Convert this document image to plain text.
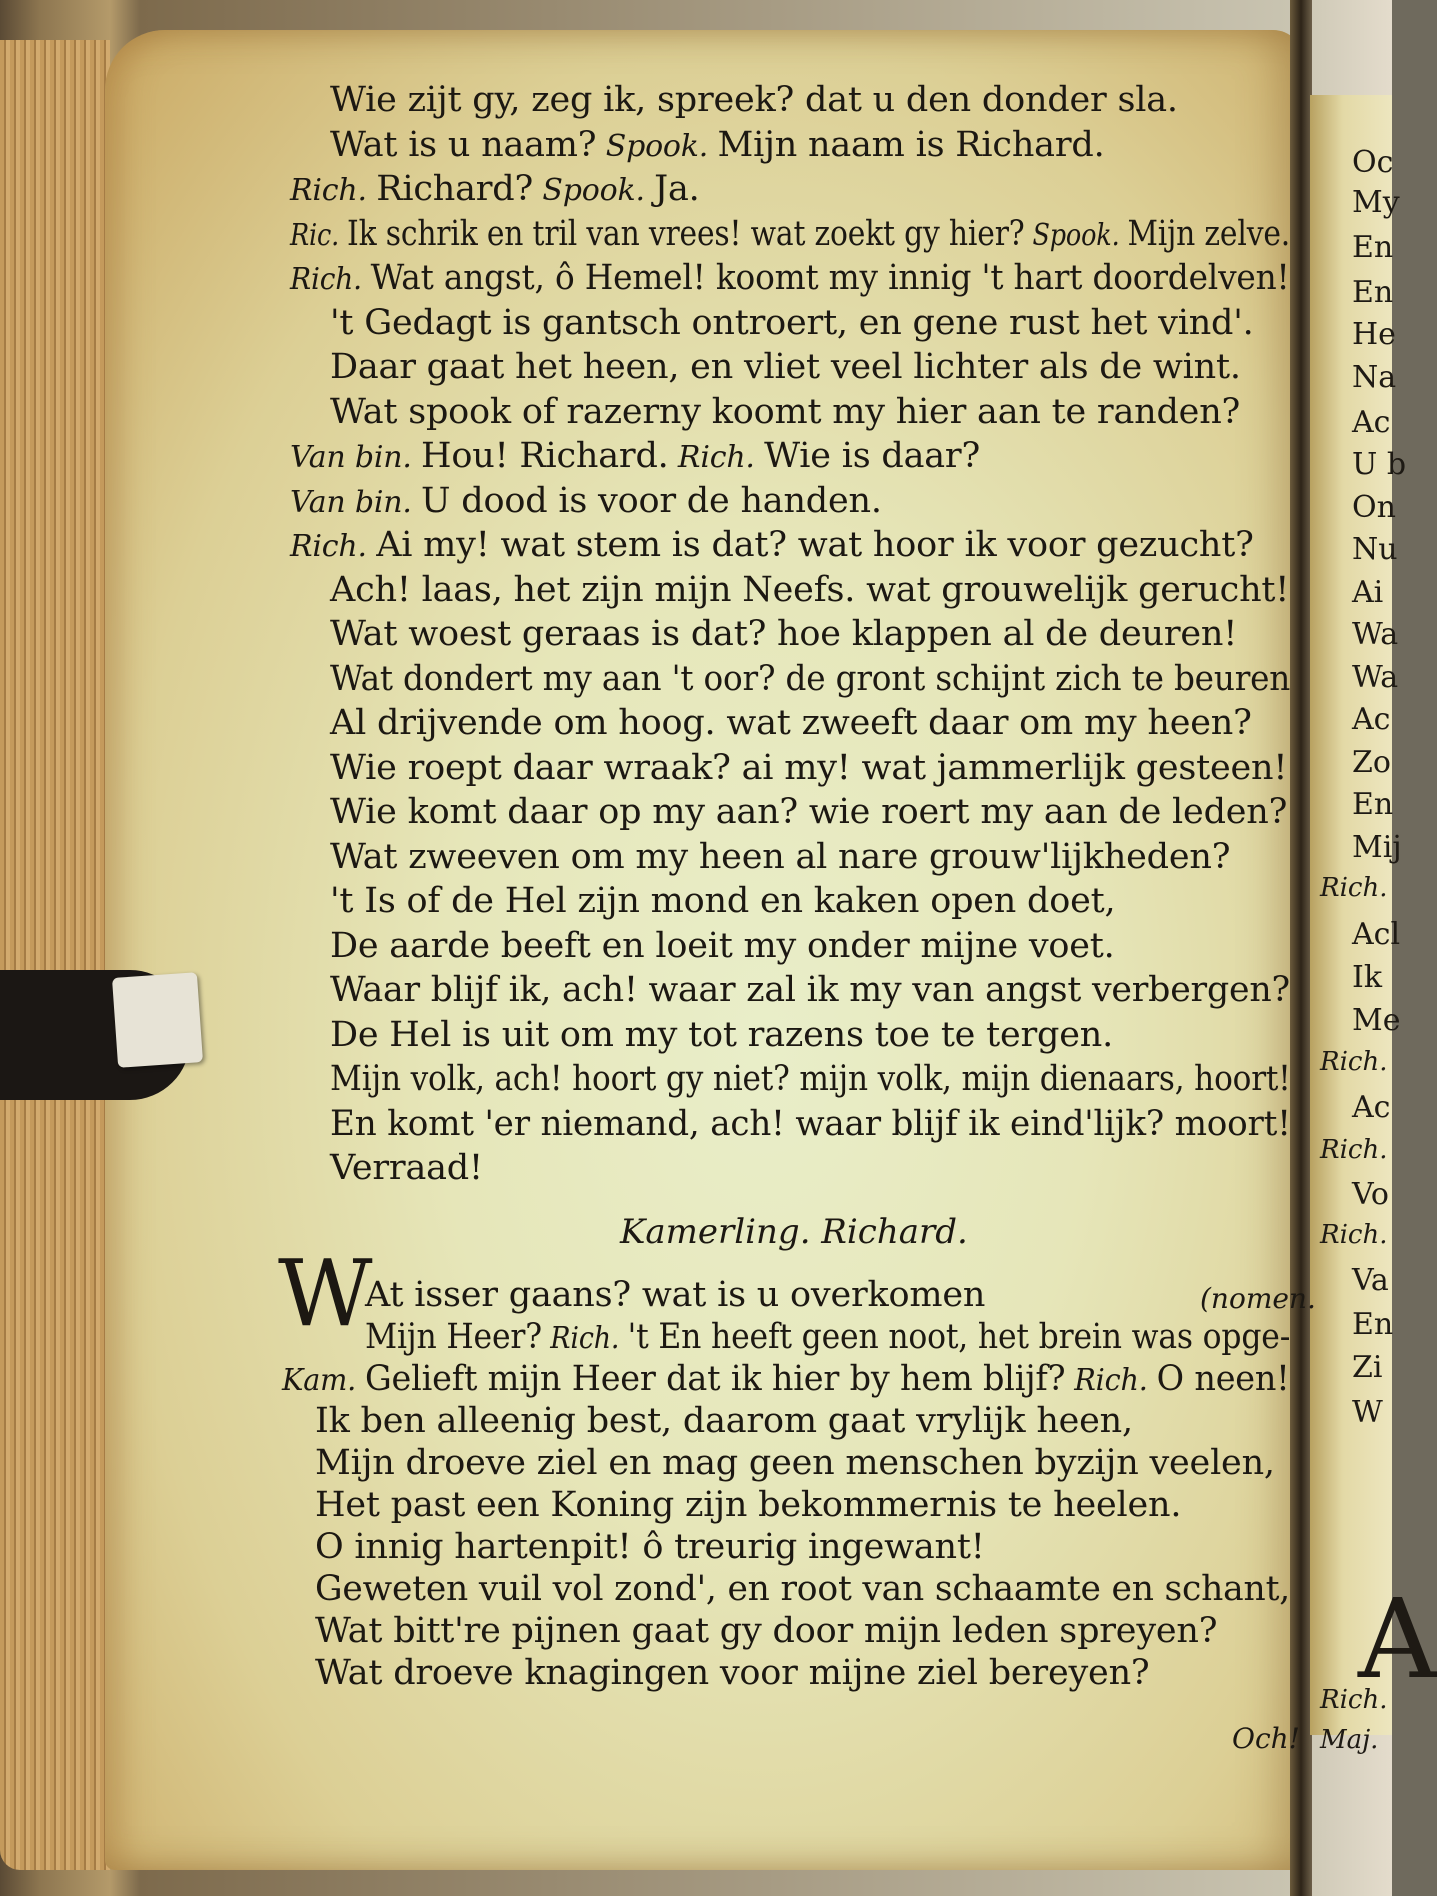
Oc
My
En
En
He
Na
Ac
U b
On
Nu
Ai
Wa
Wa
Ac
Zo
En
Mij
Rich.
Acl
Ik
Me
Rich.
Ac
Rich.
Vo
Rich.
Va
En
Zi
W
A
Rich.
Maj.
Wie zijt gy, zeg ik, spreek? dat u den donder sla.
Wat is u naam? Spook. Mijn naam is Richard.
Rich. Richard? Spook. Ja.
Ric. Ik schrik en tril van vrees! wat zoekt gy hier? Spook. Mijn zelve.
Rich. Wat angst, ô Hemel! koomt my innig 't hart doordelven!
't Gedagt is gantsch ontroert, en gene rust het vind'.
Daar gaat het heen, en vliet veel lichter als de wint.
Wat spook of razerny koomt my hier aan te randen?
Van bin. Hou! Richard. Rich. Wie is daar?
Van bin. U dood is voor de handen.
Rich. Ai my! wat stem is dat? wat hoor ik voor gezucht?
Ach! laas, het zijn mijn Neefs. wat grouwelijk gerucht!
Wat woest geraas is dat? hoe klappen al de deuren!
Wat dondert my aan 't oor? de gront schijnt zich te beuren
Al drijvende om hoog. wat zweeft daar om my heen?
Wie roept daar wraak? ai my! wat jammerlijk gesteen!
Wie komt daar op my aan? wie roert my aan de leden?
Wat zweeven om my heen al nare grouw'lijkheden?
't Is of de Hel zijn mond en kaken open doet,
De aarde beeft en loeit my onder mijne voet.
Waar blijf ik, ach! waar zal ik my van angst verbergen?
De Hel is uit om my tot razens toe te tergen.
Mijn volk, ach! hoort gy niet? mijn volk, mijn dienaars, hoort!
En komt 'er niemand, ach! waar blijf ik eind'lijk? moort!
Verraad!
At isser gaans? wat is u overkomen
Mijn Heer? Rich. 't En heeft geen noot, het brein was opge-
Kam. Gelieft mijn Heer dat ik hier by hem blijf? Rich. O neen!
Ik ben alleenig best, daarom gaat vrylijk heen,
Mijn droeve ziel en mag geen menschen byzijn veelen,
Het past een Koning zijn bekommernis te heelen.
O innig hartenpit! ô treurig ingewant!
Geweten vuil vol zond', en root van schaamte en schant,
Wat bitt're pijnen gaat gy door mijn leden spreyen?
Wat droeve knagingen voor mijne ziel bereyen?
Kamerling. Richard.
W	(nomen.
Och!
